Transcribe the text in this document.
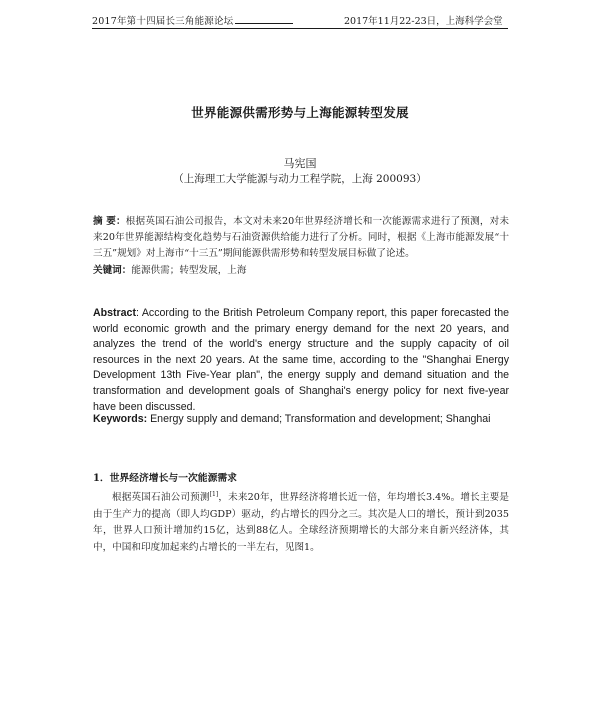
2017年第十四届长三角能源论坛	2017年11月22-23日，上海科学会堂
世界能源供需形势与上海能源转型发展
马宪国
（上海理工大学能源与动力工程学院，上海 200093）
摘 要：根据英国石油公司报告，本文对未来20年世界经济增长和一次能源需求进行了预测，对未来20年世界能源结构变化趋势与石油资源供给能力进行了分析。同时，根据《上海市能源发展“十三五”规划》对上海市“十三五”期间能源供需形势和转型发展目标做了论述。
关键词：能源供需；转型发展，上海
Abstract: According to the British Petroleum Company report, this paper forecasted the world economic growth and the primary energy demand for the next 20 years, and analyzes the trend of the world's energy structure and the supply capacity of oil resources in the next 20 years. At the same time, according to the "Shanghai Energy Development 13th Five-Year plan", the energy supply and demand situation and the transformation and development goals of Shanghai's energy policy for next five-year have been discussed.
Keywords: Energy supply and demand; Transformation and development; Shanghai
1．世界经济增长与一次能源需求
根据英国石油公司预测[1]，未来20年，世界经济将增长近一倍，年均增长3.4%。增长主要是由于生产力的提高（即人均GDP）驱动，约占增长的四分之三。其次是人口的增长，预计到2035年，世界人口预计增加约15亿，达到88亿人。全球经济预期增长的大部分来自新兴经济体，其中，中国和印度加起来约占增长的一半左右，见图1。
